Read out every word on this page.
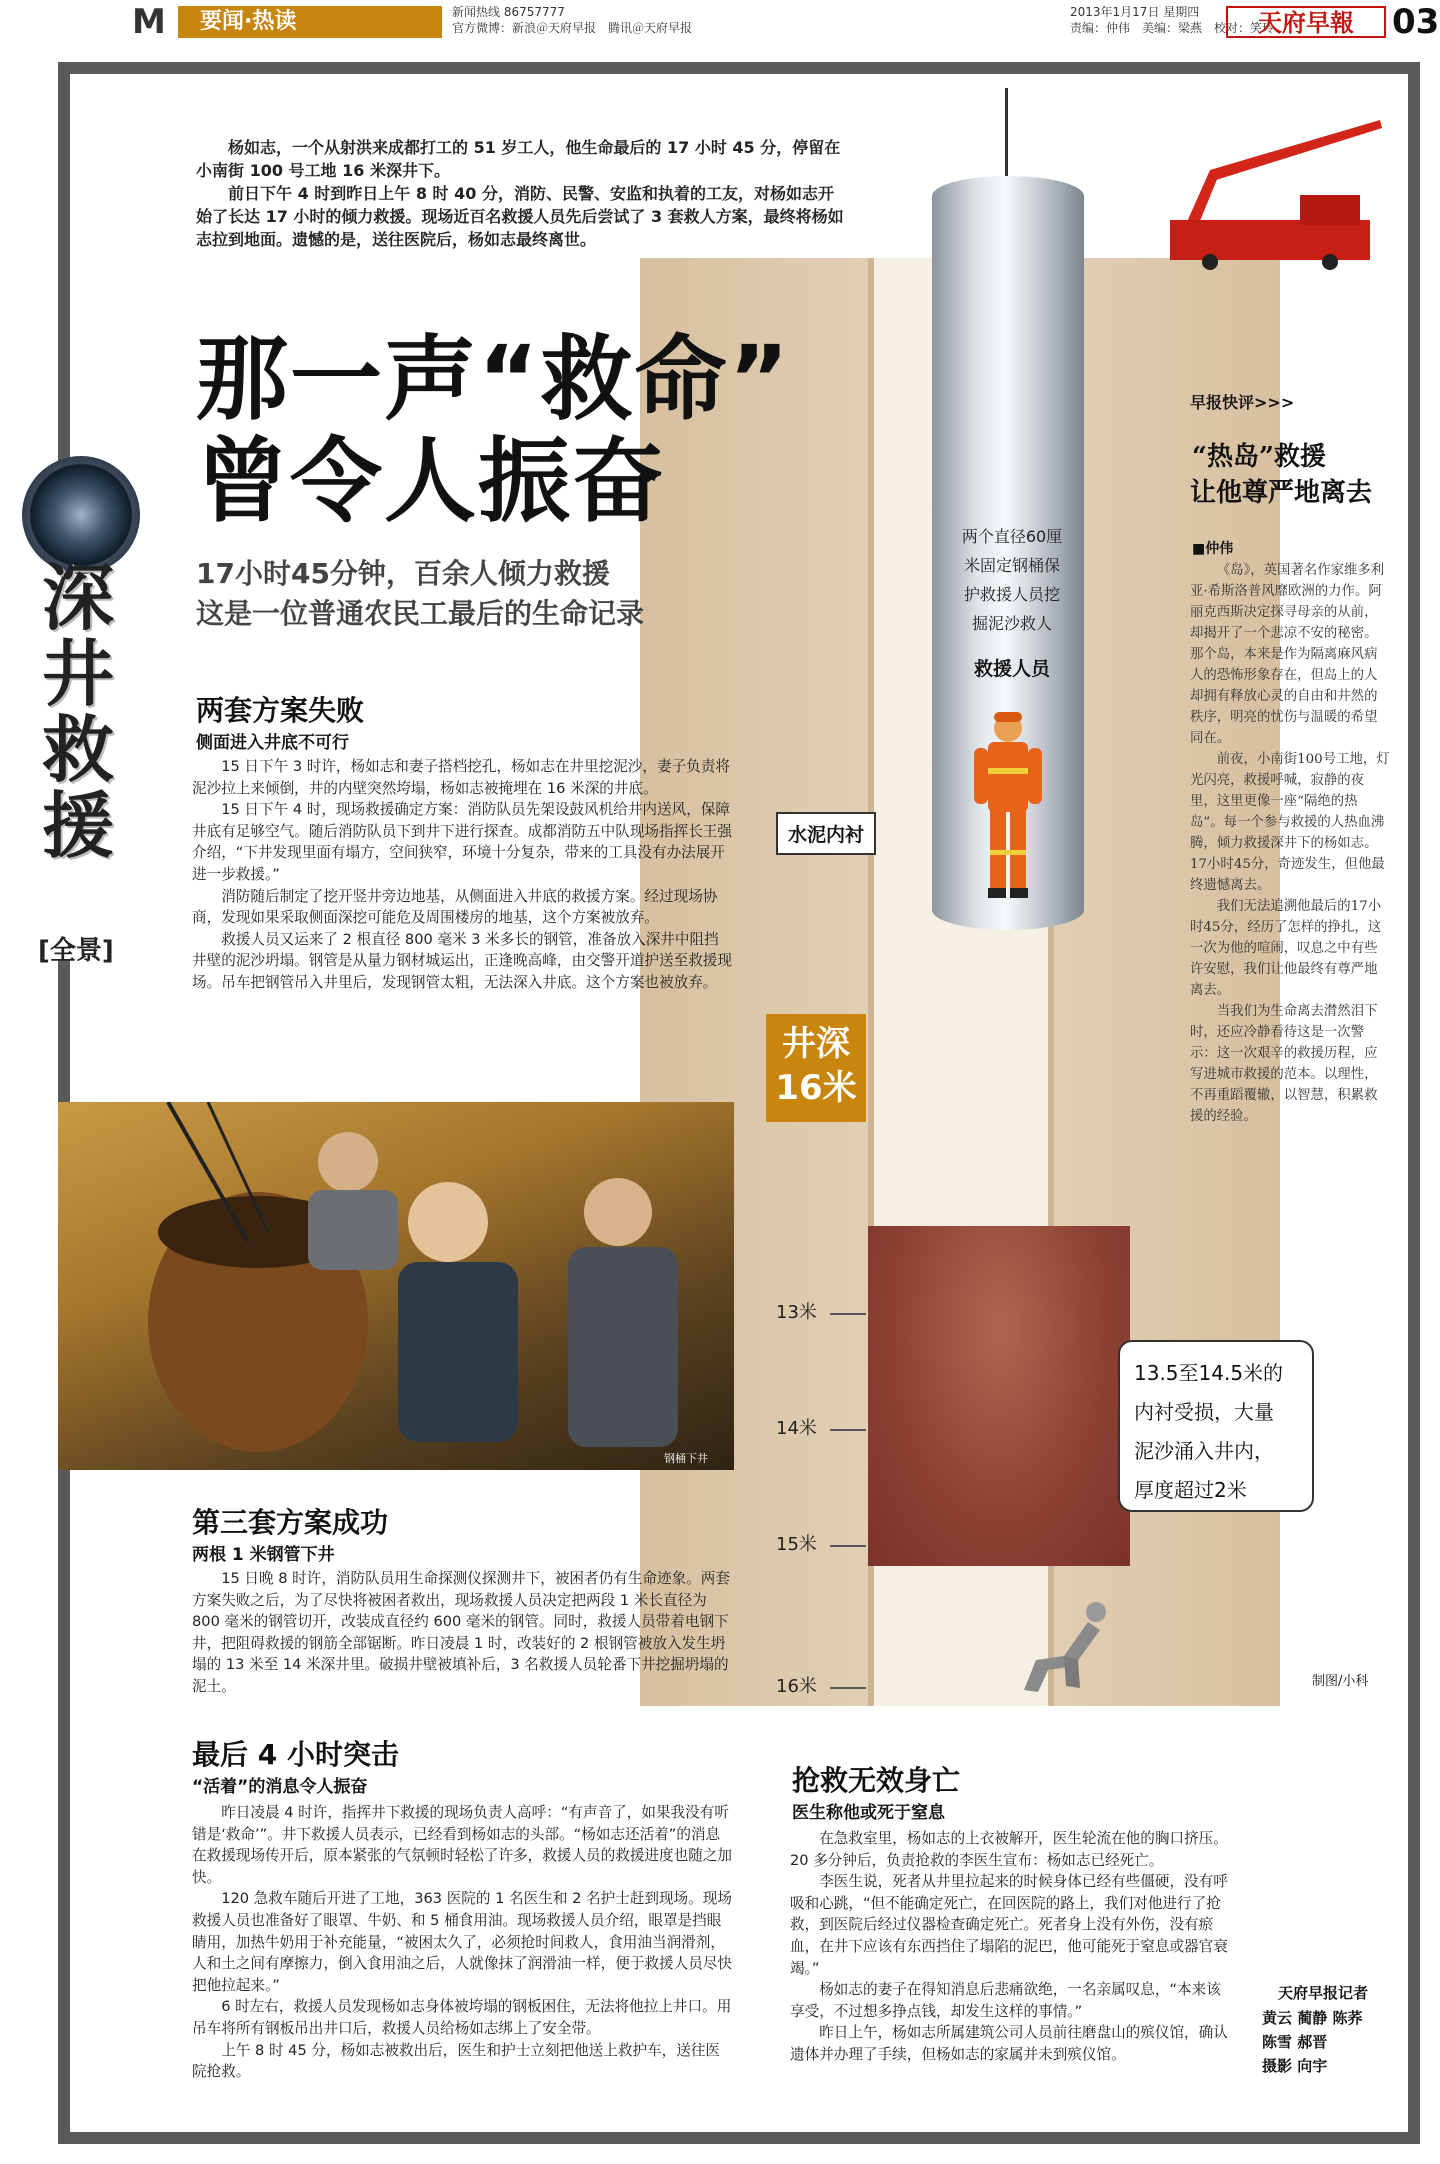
M	要闻·热读	新闻热线 86757777
官方微博：新浪＠天府早报　腾讯＠天府早报
2013年1月17日 星期四
责编：仲伟　美编：梁燕　校对：笑玲
天府早報	03
两个直径60厘
米固定钢桶保
护救援人员挖
掘泥沙救人
救援人员
水泥内衬
井深
16米
13米
14米
15米
16米
13.5至14.5米的
内衬受损，大量
泥沙涌入井内，
厚度超过2米
制图/小科
杨如志，一个从射洪来成都打工的 51 岁工人，他生命最后的 17 小时 45 分，停留在小南街 100 号工地 16 米深井下。
前日下午 4 时到昨日上午 8 时 40 分，消防、民警、安监和执着的工友，对杨如志开始了长达 17 小时的倾力救援。现场近百名救援人员先后尝试了 3 套救人方案，最终将杨如志拉到地面。遗憾的是，送往医院后，杨如志最终离世。
那一声“救命”
曾令人振奋
17小时45分钟，百余人倾力救援
这是一位普通农民工最后的生命记录
深
井
救
援
[全景]
两套方案失败
侧面进入井底不可行

15 日下午 3 时许，杨如志和妻子搭档挖孔，杨如志在井里挖泥沙，妻子负责将泥沙拉上来倾倒，井的内壁突然垮塌，杨如志被掩埋在 16 米深的井底。

15 日下午 4 时，现场救援确定方案：消防队员先架设鼓风机给井内送风，保障井底有足够空气。随后消防队员下到井下进行探查。成都消防五中队现场指挥长王强介绍，“下井发现里面有塌方，空间狭窄，环境十分复杂，带来的工具没有办法展开进一步救援。”

消防随后制定了挖开竖井旁边地基，从侧面进入井底的救援方案。经过现场协商，发现如果采取侧面深挖可能危及周围楼房的地基，这个方案被放弃。

救援人员又运来了 2 根直径 800 毫米 3 米多长的钢管，准备放入深井中阻挡井壁的泥沙坍塌。钢管是从量力钢材城运出，正逢晚高峰，由交警开道护送至救援现场。吊车把钢管吊入井里后，发现钢管太粗，无法深入井底。这个方案也被放弃。

钢桶下井
第三套方案成功
两根 1 米钢管下井

15 日晚 8 时许，消防队员用生命探测仪探测井下，被困者仍有生命迹象。两套方案失败之后，为了尽快将被困者救出，现场救援人员决定把两段 1 米长直径为 800 毫米的钢管切开，改装成直径约 600 毫米的钢管。同时，救援人员带着电钢下井，把阻碍救援的钢筋全部锯断。昨日凌晨 1 时，改装好的 2 根钢管被放入发生坍塌的 13 米至 14 米深井里。破损井壁被填补后，3 名救援人员轮番下井挖掘坍塌的泥土。

最后 4 小时突击
“活着”的消息令人振奋

昨日凌晨 4 时许，指挥井下救援的现场负责人高呼：“有声音了，如果我没有听错是‘救命’”。井下救援人员表示，已经看到杨如志的头部。“杨如志还活着”的消息在救援现场传开后，原本紧张的气氛顿时轻松了许多，救援人员的救援进度也随之加快。

120 急救车随后开进了工地，363 医院的 1 名医生和 2 名护士赶到现场。现场救援人员也准备好了眼罩、牛奶、和 5 桶食用油。现场救援人员介绍，眼罩是挡眼睛用，加热牛奶用于补充能量，“被困太久了，必须抢时间救人，食用油当润滑剂，人和土之间有摩擦力，倒入食用油之后，人就像抹了润滑油一样，便于救援人员尽快把他拉起来。”

6 时左右，救援人员发现杨如志身体被垮塌的钢板困住，无法将他拉上井口。用吊车将所有钢板吊出井口后，救援人员给杨如志绑上了安全带。

上午 8 时 45 分，杨如志被救出后，医生和护士立刻把他送上救护车，送往医院抢救。

抢救无效身亡
医生称他或死于窒息

在急救室里，杨如志的上衣被解开，医生轮流在他的胸口挤压。20 多分钟后，负责抢救的李医生宣布：杨如志已经死亡。

李医生说，死者从井里拉起来的时候身体已经有些僵硬，没有呼吸和心跳，“但不能确定死亡，在回医院的路上，我们对他进行了抢救，到医院后经过仪器检查确定死亡。死者身上没有外伤，没有瘀血，在井下应该有东西挡住了塌陷的泥巴，他可能死于窒息或器官衰竭。”

杨如志的妻子在得知消息后悲痛欲绝，一名亲属叹息，“本来该享受，不过想多挣点钱，却发生这样的事情。”

昨日上午，杨如志所属建筑公司人员前往磨盘山的殡仪馆，确认遗体并办理了手续，但杨如志的家属并未到殡仪馆。

天府早报记者
黄云 蔺静 陈荞
陈雪 郝晋
摄影 向宇
早报快评>>>
“热岛”救援
让他尊严地离去
■仲伟

《岛》，英国著名作家维多利亚·希斯洛普风靡欧洲的力作。阿丽克西斯决定探寻母亲的从前，却揭开了一个悲凉不安的秘密。那个岛，本来是作为隔离麻风病人的恐怖形象存在，但岛上的人却拥有释放心灵的自由和井然的秩序，明亮的忧伤与温暖的希望同在。

前夜，小南街100号工地，灯光闪亮，救援呼喊，寂静的夜里，这里更像一座“隔绝的热岛”。每一个参与救援的人热血沸腾，倾力救援深井下的杨如志。17小时45分，奇迹发生，但他最终遗憾离去。

我们无法追溯他最后的17小时45分，经历了怎样的挣扎，这一次为他的喧闹，叹息之中有些许安慰，我们让他最终有尊严地离去。

当我们为生命离去潸然泪下时，还应冷静看待这是一次警示：这一次艰辛的救援历程，应写进城市救援的范本。以理性，不再重蹈覆辙，以智慧，积累救援的经验。
